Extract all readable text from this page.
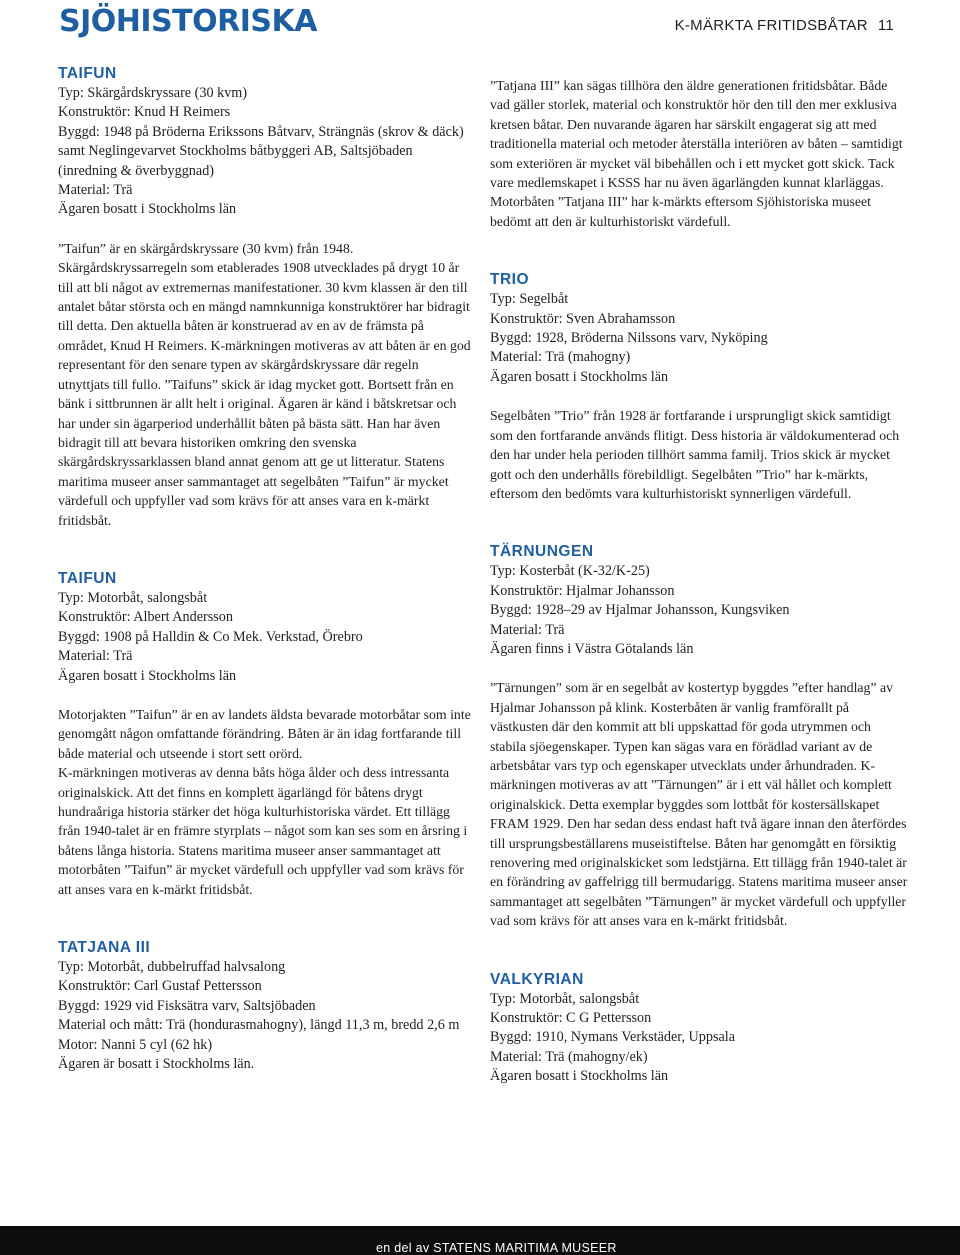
SJÖHISTORISKA	K-MÄRKTA FRITIDSBÅTAR 11
TAIFUN
Typ: Skärgårdskryssare (30 kvm)
Konstruktör: Knud H Reimers
Byggd: 1948 på Bröderna Erikssons Båtvarv, Strängnäs (skrov & däck) samt Neglingevarvet Stockholms båtbyggeri AB, Saltsjöbaden (inredning & överbyggnad)
Material: Trä
Ägaren bosatt i Stockholms län

”Taifun” är en skärgårdskryssare (30 kvm) från 1948. Skärgårdskryssarregeln som etablerades 1908 utvecklades på drygt 10 år till att bli något av extremernas manifestationer. 30 kvm klassen är den till antalet båtar största och en mängd namnkunniga konstruktörer har bidragit till detta. Den aktuella båten är konstruerad av en av de främsta på området, Knud H Reimers. K-märkningen motiveras av att båten är en god representant för den senare typen av skärgårdskryssare där regeln utnyttjats till fullo. ”Taifuns” skick är idag mycket gott. Bortsett från en bänk i sittbrunnen är allt helt i original. Ägaren är känd i båtskretsar och har under sin ägarperiod underhållit båten på bästa sätt. Han har även bidragit till att bevara historiken omkring den svenska skärgårdskryssarklassen bland annat genom att ge ut litteratur. Statens maritima museer anser sammantaget att segelbåten ”Taifun” är mycket värdefull och uppfyller vad som krävs för att anses vara en k-märkt fritidsbåt.

TAIFUN
Typ: Motorbåt, salongsbåt
Konstruktör: Albert Andersson
Byggd: 1908 på Halldin & Co Mek. Verkstad, Örebro
Material: Trä
Ägaren bosatt i Stockholms län

Motorjakten ”Taifun” är en av landets äldsta bevarade motorbåtar som inte genomgått någon omfattande förändring. Båten är än idag fortfarande till både material och utseende i stort sett orörd.

K-märkningen motiveras av denna båts höga ålder och dess intressanta originalskick. Att det finns en komplett ägarlängd för båtens drygt hundraåriga historia stärker det höga kulturhistoriska värdet. Ett tillägg från 1940-talet är en främre styrplats – något som kan ses som en årsring i båtens långa historia. Statens maritima museer anser sammantaget att motorbåten ”Taifun” är mycket värdefull och uppfyller vad som krävs för att anses vara en k-märkt fritidsbåt.

TATJANA III
Typ: Motorbåt, dubbelruffad halvsalong
Konstruktör: Carl Gustaf Pettersson
Byggd: 1929 vid Fisksätra varv, Saltsjöbaden
Material och mått: Trä (hondurasmahogny), längd 11,3 m, bredd 2,6 m
Motor: Nanni 5 cyl (62 hk)
Ägaren är bosatt i Stockholms län.

”Tatjana III” kan sägas tillhöra den äldre generationen fritidsbåtar. Både vad gäller storlek, material och konstruktör hör den till den mer exklusiva kretsen båtar. Den nuvarande ägaren har särskilt engagerat sig att med traditionella material och metoder återställa interiören av båten – samtidigt som exteriören är mycket väl bibehållen och i ett mycket gott skick. Tack vare medlemskapet i KSSS har nu även ägarlängden kunnat klarläggas. Motorbåten ”Tatjana III” har k-märkts eftersom Sjöhistoriska museet bedömt att den är kulturhistoriskt värdefull.

TRIO
Typ: Segelbåt
Konstruktör: Sven Abrahamsson
Byggd: 1928, Bröderna Nilssons varv, Nyköping
Material: Trä (mahogny)
Ägaren bosatt i Stockholms län

Segelbåten ”Trio” från 1928 är fortfarande i ursprungligt skick samtidigt som den fortfarande används flitigt. Dess historia är väldokumenterad och den har under hela perioden tillhört samma familj. Trios skick är mycket gott och den underhålls förebildligt. Segelbåten ”Trio” har k-märkts, eftersom den bedömts vara kulturhistoriskt synnerligen värdefull.

TÄRNUNGEN
Typ: Kosterbåt (K-32/K-25)
Konstruktör: Hjalmar Johansson
Byggd: 1928–29 av Hjalmar Johansson, Kungsviken
Material: Trä
Ägaren finns i Västra Götalands län

”Tärnungen” som är en segelbåt av kostertyp byggdes ”efter handlag” av Hjalmar Johansson på klink. Kosterbåten är vanlig framförallt på västkusten där den kommit att bli uppskattad för goda utrymmen och stabila sjöegenskaper. Typen kan sägas vara en förädlad variant av de arbetsbåtar vars typ och egenskaper utvecklats under århundraden. K-märkningen motiveras av att ”Tärnungen” är i ett väl hållet och komplett originalskick. Detta exemplar byggdes som lottbåt för kostersällskapet FRAM 1929. Den har sedan dess endast haft två ägare innan den återfördes till ursprungsbeställarens museistiftelse. Båten har genomgått en försiktig renovering med originalskicket som ledstjärna. Ett tillägg från 1940-talet är en förändring av gaffelrigg till bermudarigg. Statens maritima museer anser sammantaget att segelbåten ”Tärnungen” är mycket värdefull och uppfyller vad som krävs för att anses vara en k-märkt fritidsbåt.

VALKYRIAN
Typ: Motorbåt, salongsbåt
Konstruktör: C G Pettersson
Byggd: 1910, Nymans Verkstäder, Uppsala
Material: Trä (mahogny/ek)
Ägaren bosatt i Stockholms län
en del av STATENS MARITIMA MUSEER
